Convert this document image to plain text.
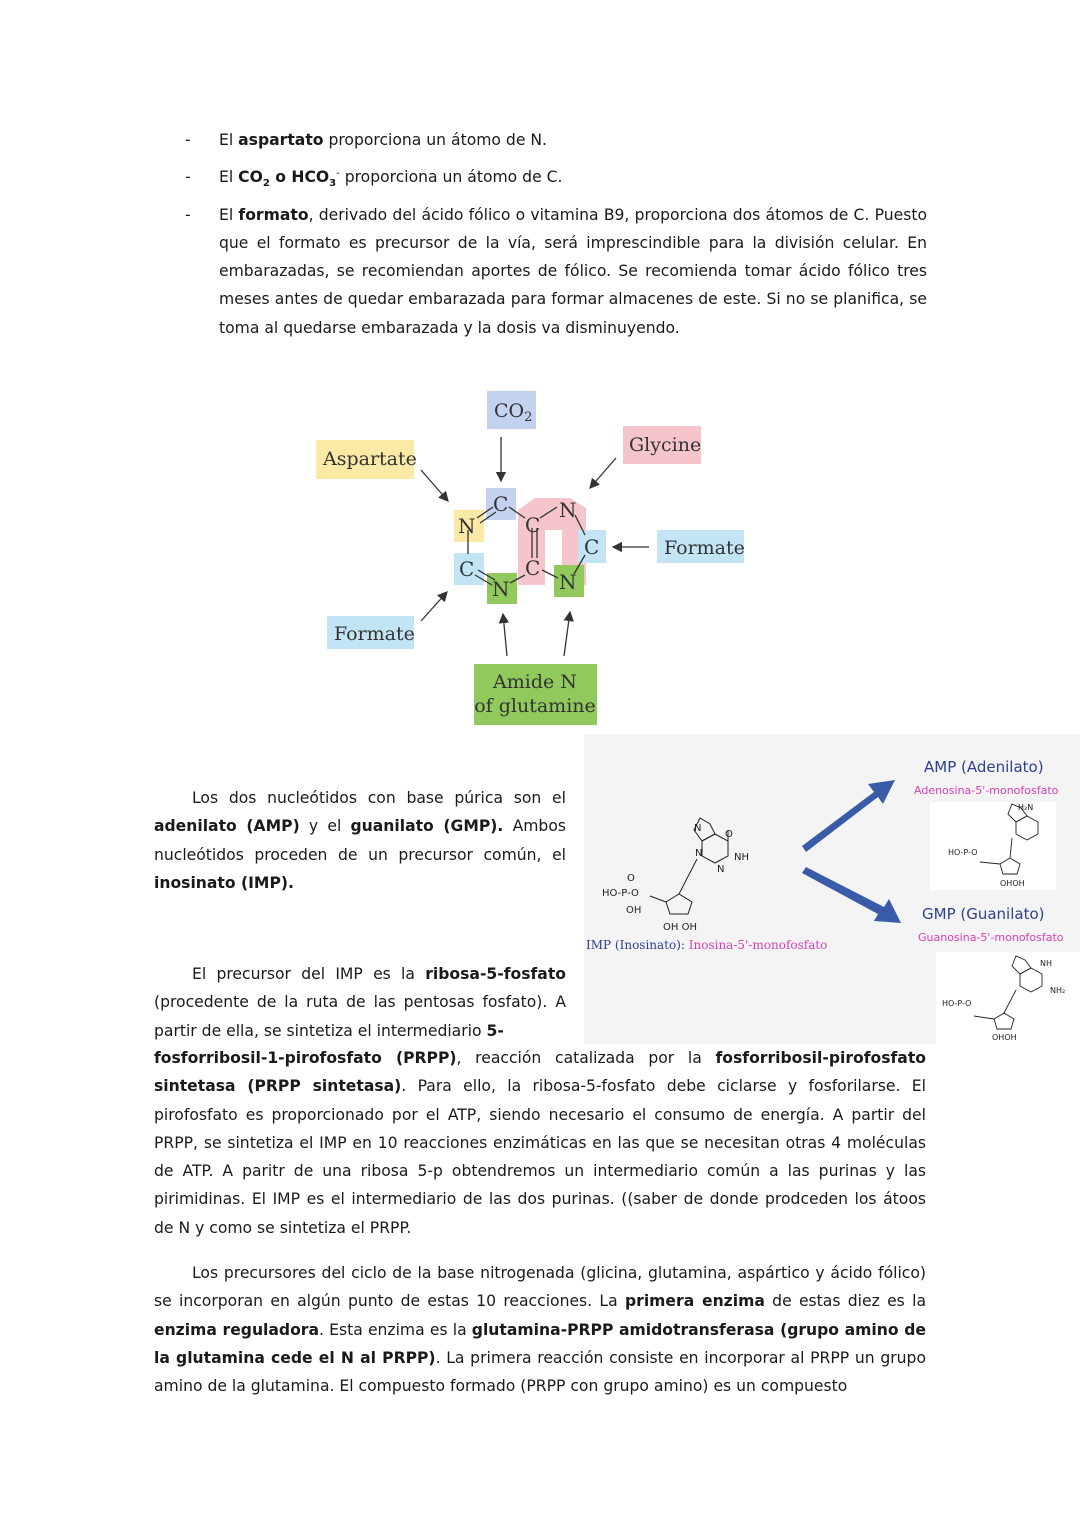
- El aspartato proporciona un átomo de N.
- El $CO_2$ o $HCO_3^-$ proporciona un átomo de C.
- El formato, derivado del ácido fólico o vitamina B9, proporciona dos átomos de C. Puesto que el formato es precursor de la vía, será imprescindible para la división celular. En embarazadas, se recomiendan aportes de fólico. Se recomienda tomar ácido fólico tres meses antes de quedar embarazada para formar almacenes de este. Si no se planifica, se toma al quedarse embarazada y la dosis va disminuyendo.
$CO_2$
Aspartate
Glycine
Formate
Formate
Amide N
of glutamine
N
C
C
N
C
C
N
C
N

Los dos nucleótidos con base púrica son el adenilato (AMP) y el guanilato (GMP). Ambos nucleótidos proceden de un precursor común, el inosinato (IMP).

O
N
N
NH
N
HO-P-O
O
OH
OH OH
IMP (Inosinato): Inosina-5'-monofosfato
AMP (Adenilato)
Adenosina-5'-monofosfato
H₂N
HO-P-O
OHOH
GMP (Guanilato)
Guanosina-5'-monofosfato
NH₂
HO-P-O
OHOH
NH

El precursor del IMP es la ribosa-5-fosfato (procedente de la ruta de las pentosas fosfato). A partir de ella, se sintetiza el intermediario 5-

fosforribosil-1-pirofosfato (PRPP), reacción catalizada por la fosforribosil-pirofosfato sintetasa (PRPP sintetasa). Para ello, la ribosa-5-fosfato debe ciclarse y fosforilarse. El pirofosfato es proporcionado por el ATP, siendo necesario el consumo de energía. A partir del PRPP, se sintetiza el IMP en 10 reacciones enzimáticas en las que se necesitan otras 4 moléculas de ATP. A paritr de una ribosa 5-p obtendremos un intermediario común a las purinas y las pirimidinas. El IMP es el intermediario de las dos purinas. ((saber de donde prodceden los átoos de N y como se sintetiza el PRPP.

Los precursores del ciclo de la base nitrogenada (glicina, glutamina, aspártico y ácido fólico) se incorporan en algún punto de estas 10 reacciones. La primera enzima de estas diez es la enzima reguladora. Esta enzima es la glutamina-PRPP amidotransferasa (grupo amino de la glutamina cede el N al PRPP). La primera reacción consiste en incorporar al PRPP un grupo amino de la glutamina. El compuesto formado (PRPP con grupo amino) es un compuesto
